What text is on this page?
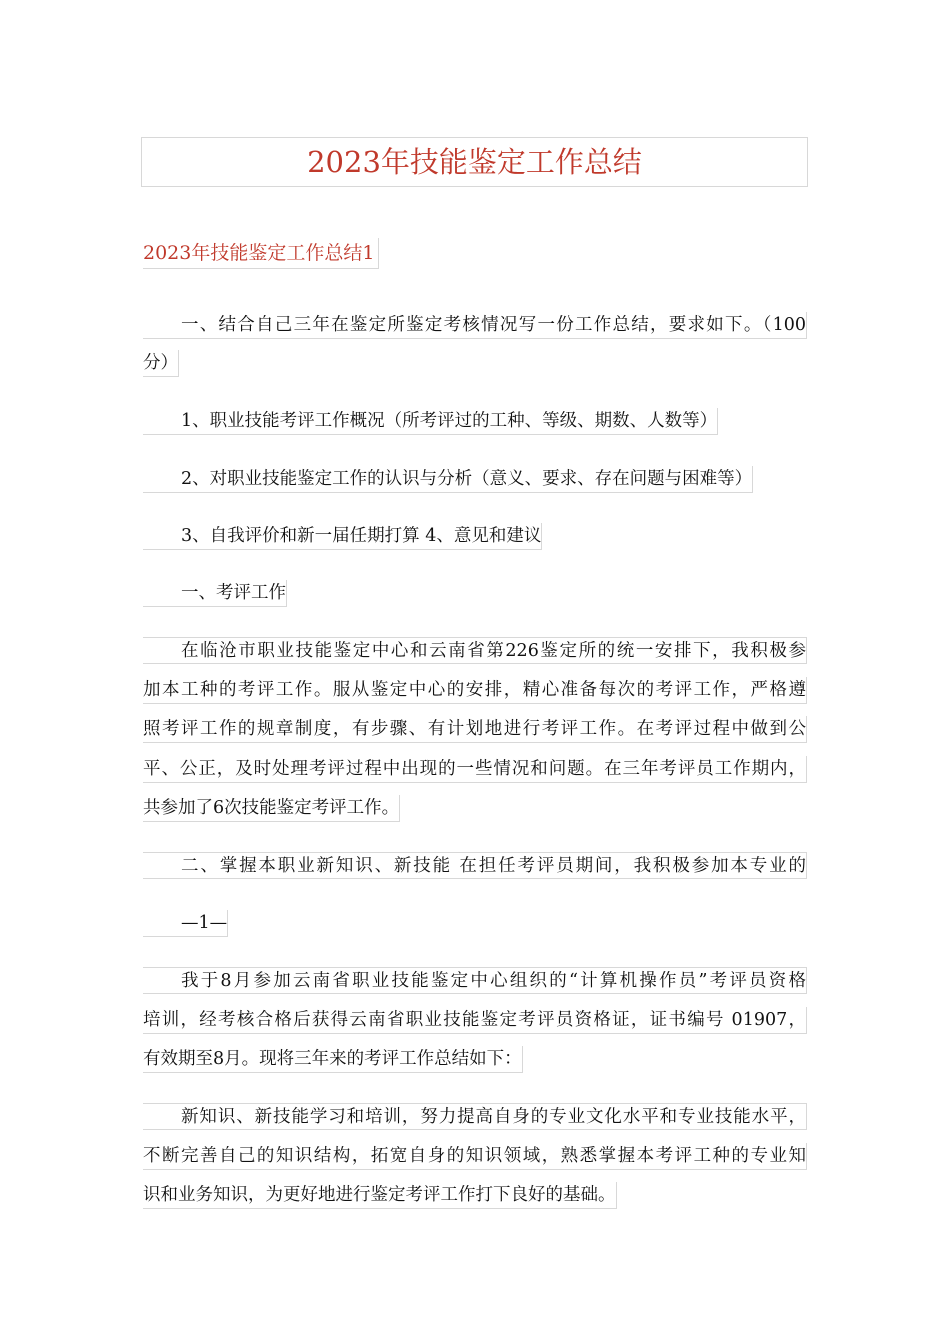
2023年技能鉴定工作总结
2023年技能鉴定工作总结1
一、结合自己三年在鉴定所鉴定考核情况写一份工作总结，要求如下。（100
分）
1、职业技能考评工作概况（所考评过的工种、等级、期数、人数等）
2、对职业技能鉴定工作的认识与分析（意义、要求、存在问题与困难等）
3、自我评价和新一届任期打算 4、意见和建议
一、考评工作
在临沧市职业技能鉴定中心和云南省第226鉴定所的统一安排下，我积极参
加本工种的考评工作。服从鉴定中心的安排，精心准备每次的考评工作，严格遵
照考评工作的规章制度，有步骤、有计划地进行考评工作。在考评过程中做到公
平、公正，及时处理考评过程中出现的一些情况和问题。在三年考评员工作期内，
共参加了6次技能鉴定考评工作。
二、掌握本职业新知识、新技能 在担任考评员期间，我积极参加本专业的
—1—
我于8月参加云南省职业技能鉴定中心组织的“计算机操作员”考评员资格
培训，经考核合格后获得云南省职业技能鉴定考评员资格证，证书编号 01907，
有效期至8月。现将三年来的考评工作总结如下：
新知识、新技能学习和培训，努力提高自身的专业文化水平和专业技能水平，
不断完善自己的知识结构，拓宽自身的知识领域，熟悉掌握本考评工种的专业知
识和业务知识，为更好地进行鉴定考评工作打下良好的基础。
